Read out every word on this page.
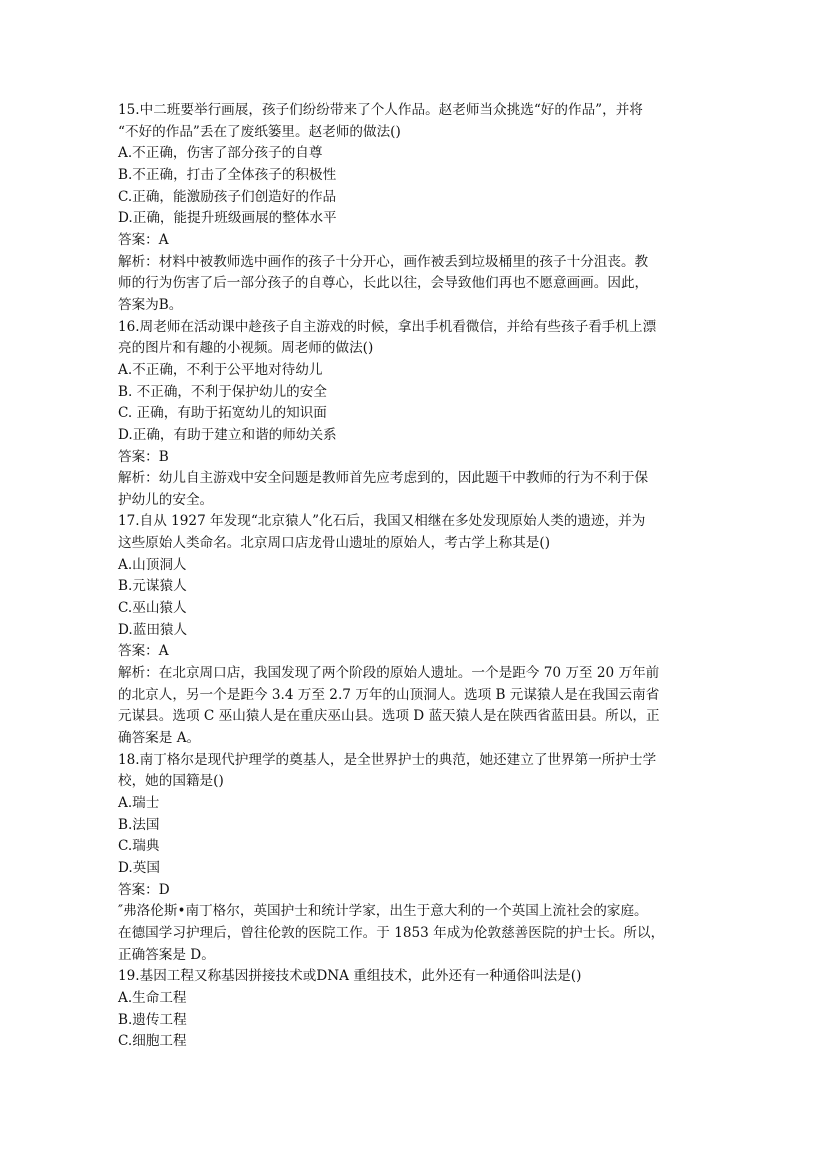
15.中二班要举行画展，孩子们纷纷带来了个人作品。赵老师当众挑选“好的作品”，并将
“不好的作品”丢在了废纸篓里。赵老师的做法()
A.不正确，伤害了部分孩子的自尊
B.不正确，打击了全体孩子的积极性
C.正确，能激励孩子们创造好的作品
D.正确，能提升班级画展的整体水平
答案：A
解析：材料中被教师选中画作的孩子十分开心，画作被丢到垃圾桶里的孩子十分沮丧。教
师的行为伤害了后一部分孩子的自尊心，长此以往，会导致他们再也不愿意画画。因此，
答案为B。
16.周老师在活动课中趁孩子自主游戏的时候，拿出手机看微信，并给有些孩子看手机上漂
亮的图片和有趣的小视频。周老师的做法()
A.不正确，不利于公平地对待幼儿
B. 不正确，不利于保护幼儿的安全
C. 正确，有助于拓宽幼儿的知识面
D.正确，有助于建立和谐的师幼关系
答案：B
解析：幼儿自主游戏中安全问题是教师首先应考虑到的，因此题干中教师的行为不利于保
护幼儿的安全。
17.自从 1927 年发现“北京猿人”化石后，我国又相继在多处发现原始人类的遗迹，并为
这些原始人类命名。北京周口店龙骨山遗址的原始人，考古学上称其是()
A.山顶洞人
B.元谋猿人
C.巫山猿人
D.蓝田猿人
答案：A
解析：在北京周口店，我国发现了两个阶段的原始人遗址。一个是距今 70 万至 20 万年前
的北京人，另一个是距今 3.4 万至 2.7 万年的山顶洞人。选项 B 元谋猿人是在我国云南省
元谋县。选项 C 巫山猿人是在重庆巫山县。选项 D 蓝天猿人是在陕西省蓝田县。所以，正
确答案是 A。
18.南丁格尔是现代护理学的奠基人，是全世界护士的典范，她还建立了世界第一所护士学
校，她的国籍是()
A.瑞士
B.法国
C.瑞典
D.英国
答案：D
″弗洛伦斯•南丁格尔，英国护士和统计学家，出生于意大利的一个英国上流社会的家庭。
在德国学习护理后，曾往伦敦的医院工作。于 1853 年成为伦敦慈善医院的护士长。所以，
正确答案是 D。
19.基因工程又称基因拼接技术或DNA 重组技术，此外还有一种通俗叫法是()
A.生命工程
B.遗传工程
C.细胞工程
